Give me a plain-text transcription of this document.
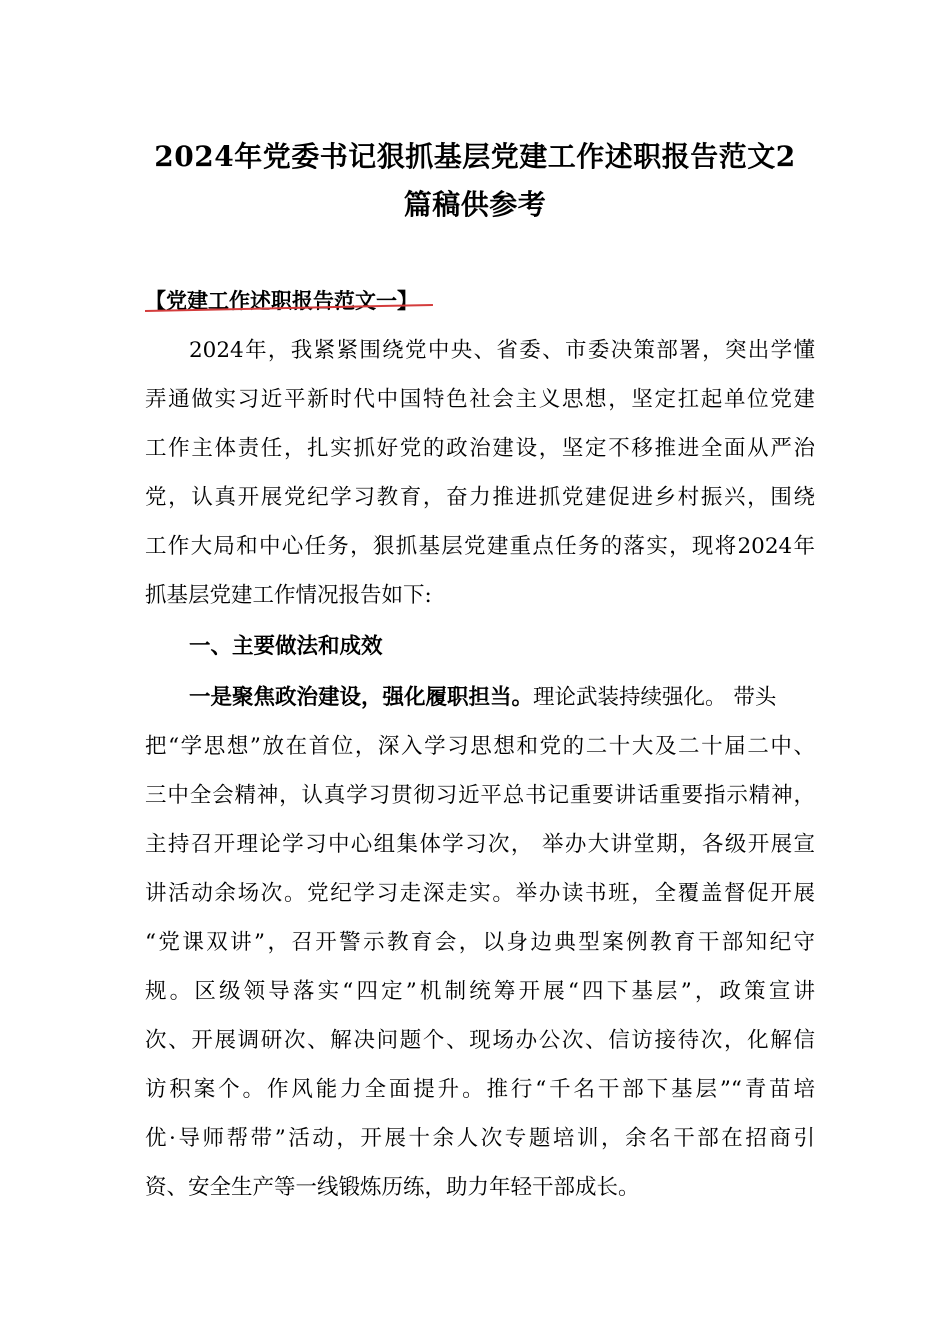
2024年党委书记狠抓基层党建工作述职报告范文2
篇稿供参考
【党建工作述职报告范文一】
2024年，我紧紧围绕党中央、省委、市委决策部署，突出学懂
弄通做实习近平新时代中国特色社会主义思想，坚定扛起单位党建
工作主体责任，扎实抓好党的政治建设，坚定不移推进全面从严治
党，认真开展党纪学习教育，奋力推进抓党建促进乡村振兴，围绕
工作大局和中心任务，狠抓基层党建重点任务的落实，现将2024年
抓基层党建工作情况报告如下:
一、主要做法和成效
一是聚焦政治建设，强化履职担当。理论武装持续强化。 带头
把“学思想”放在首位，深入学习思想和党的二十大及二十届二中、
三中全会精神，认真学习贯彻习近平总书记重要讲话重要指示精神，
主持召开理论学习中心组集体学习次， 举办大讲堂期，各级开展宣
讲活动余场次。党纪学习走深走实。举办读书班，全覆盖督促开展
“党课双讲”，召开警示教育会，以身边典型案例教育干部知纪守
规。区级领导落实“四定”机制统筹开展“四下基层”，政策宣讲
次、开展调研次、解决问题个、现场办公次、信访接待次，化解信
访积案个。作风能力全面提升。推行“千名干部下基层”“青苗培
优·导师帮带”活动，开展十余人次专题培训，余名干部在招商引
资、安全生产等一线锻炼历练，助力年轻干部成长。
